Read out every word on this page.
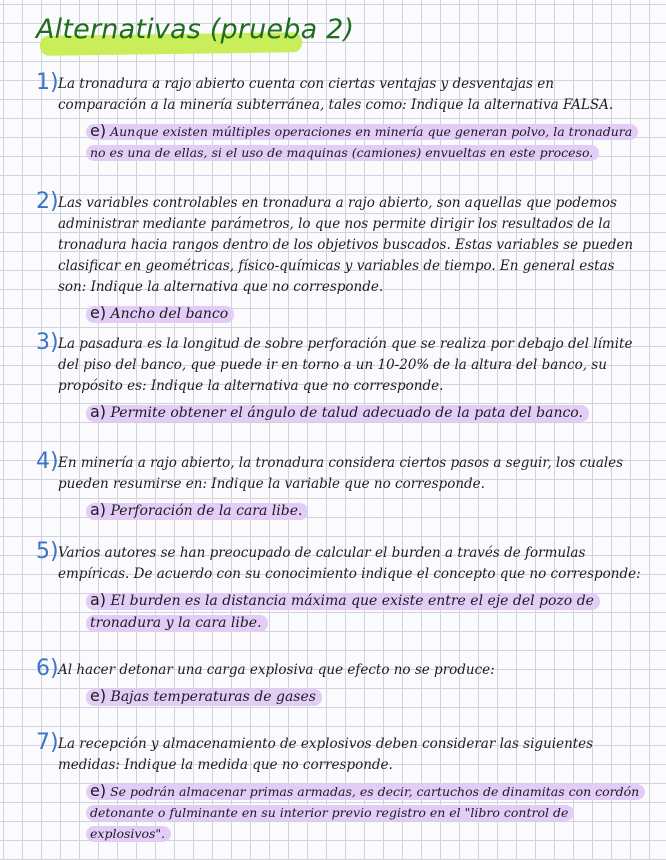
Alternativas (prueba 2)
1) La tronadura a rajo abierto cuenta con ciertas ventajas y desventajas en comparación a la minería subterránea, tales como: Indique la alternativa FALSA.

e) Aunque existen múltiples operaciones en minería que generan polvo, la tronadura no es una de ellas, si el uso de maquinas (camiones) envueltas en este proceso.
2) Las variables controlables en tronadura a rajo abierto, son aquellas que podemos administrar mediante parámetros, lo que nos permite dirigir los resultados de la tronadura hacia rangos dentro de los objetivos buscados. Estas variables se pueden clasificar en geométricas, físico-químicas y variables de tiempo. En general estas son: Indique la alternativa que no corresponde.

e) Ancho del banco
3) La pasadura es la longitud de sobre perforación que se realiza por debajo del límite del piso del banco, que puede ir en torno a un 10-20% de la altura del banco, su propósito es: Indique la alternativa que no corresponde.

a) Permite obtener el ángulo de talud adecuado de la pata del banco.
4) En minería a rajo abierto, la tronadura considera ciertos pasos a seguir, los cuales pueden resumirse en: Indique la variable que no corresponde.

a) Perforación de la cara libe.
5) Varios autores se han preocupado de calcular el burden a través de formulas empíricas. De acuerdo con su conocimiento indique el concepto que no corresponde:

a) El burden es la distancia máxima que existe entre el eje del pozo de tronadura y la cara libe.
6) Al hacer detonar una carga explosiva que efecto no se produce:

e) Bajas temperaturas de gases
7) La recepción y almacenamiento de explosivos deben considerar las siguientes medidas: Indique la medida que no corresponde.

e) Se podrán almacenar primas armadas, es decir, cartuchos de dinamitas con cordón detonante o fulminante en su interior previo registro en el "libro control de explosivos".
